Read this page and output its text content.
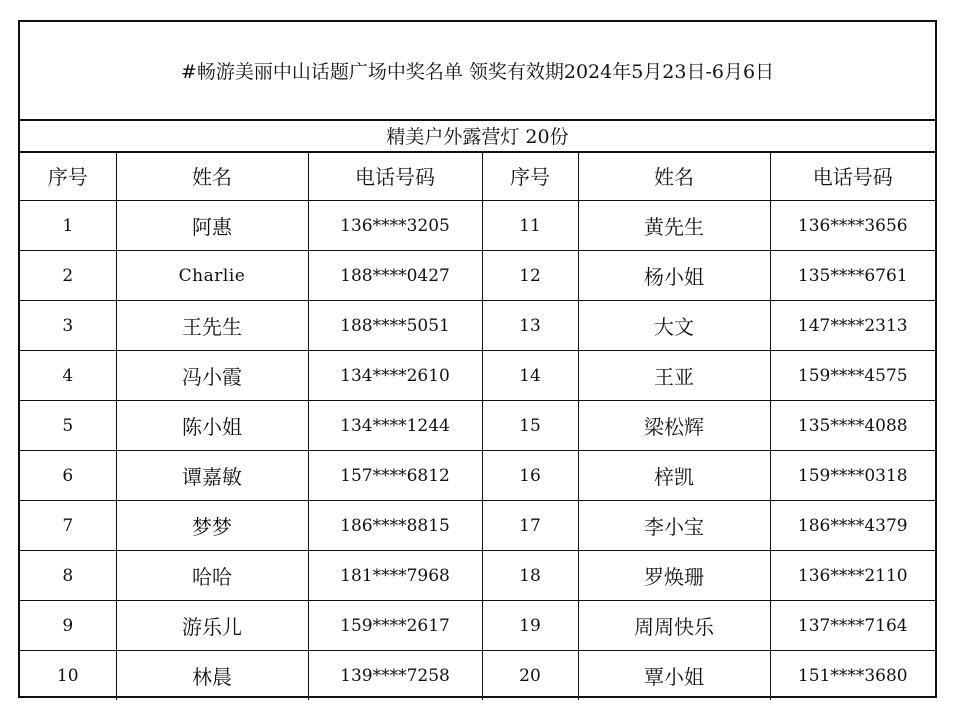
#畅游美丽中山话题广场中奖名单 领奖有效期2024年5月23日-6月6日
精美户外露营灯 20份
序号	姓名	电话号码	序号	姓名	电话号码
1	阿惠	136****3205	11	黄先生	136****3656
2	Charlie	188****0427	12	杨小姐	135****6761
3	王先生	188****5051	13	大文	147****2313
4	冯小霞	134****2610	14	王亚	159****4575
5	陈小姐	134****1244	15	梁松辉	135****4088
6	谭嘉敏	157****6812	16	梓凯	159****0318
7	梦梦	186****8815	17	李小宝	186****4379
8	哈哈	181****7968	18	罗焕珊	136****2110
9	游乐儿	159****2617	19	周周快乐	137****7164
10	林晨	139****7258	20	覃小姐	151****3680
